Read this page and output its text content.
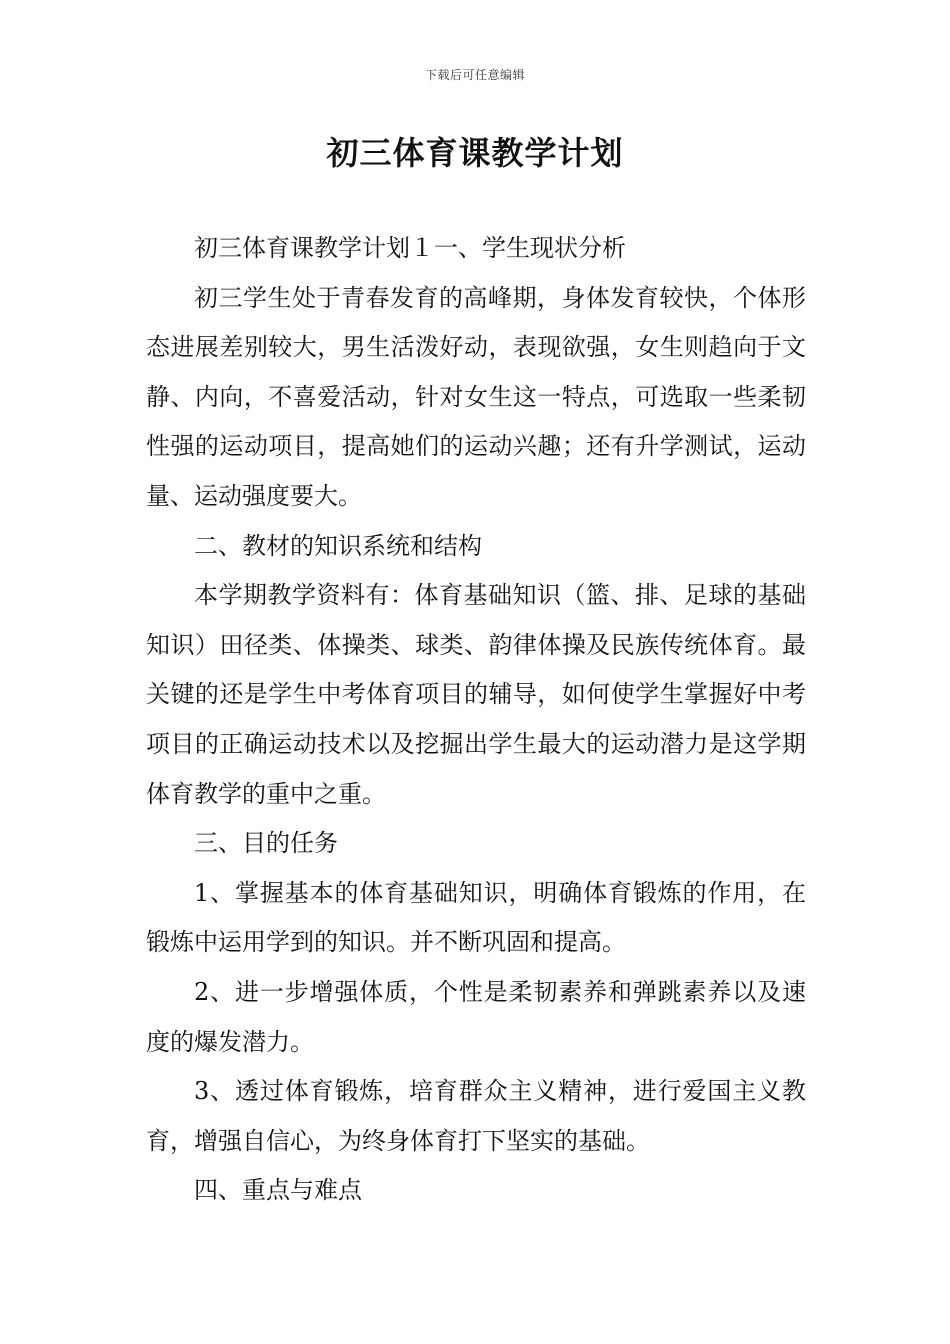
下载后可任意编辑
初三体育课教学计划

初三体育课教学计划１一、学生现状分析

初三学生处于青春发育的高峰期，身体发育较快，个体形态进展差别较大，男生活泼好动，表现欲强，女生则趋向于文静、内向，不喜爱活动，针对女生这一特点，可选取一些柔韧性强的运动项目，提高她们的运动兴趣；还有升学测试，运动量、运动强度要大。

二、教材的知识系统和结构

本学期教学资料有：体育基础知识（篮、排、足球的基础知识）田径类、体操类、球类、韵律体操及民族传统体育。最关键的还是学生中考体育项目的辅导，如何使学生掌握好中考项目的正确运动技术以及挖掘出学生最大的运动潜力是这学期体育教学的重中之重。

三、目的任务

1、掌握基本的体育基础知识，明确体育锻炼的作用，在锻炼中运用学到的知识。并不断巩固和提高。

2、进一步增强体质，个性是柔韧素养和弹跳素养以及速度的爆发潜力。

3、透过体育锻炼，培育群众主义精神，进行爱国主义教育，增强自信心，为终身体育打下坚实的基础。

四、重点与难点
